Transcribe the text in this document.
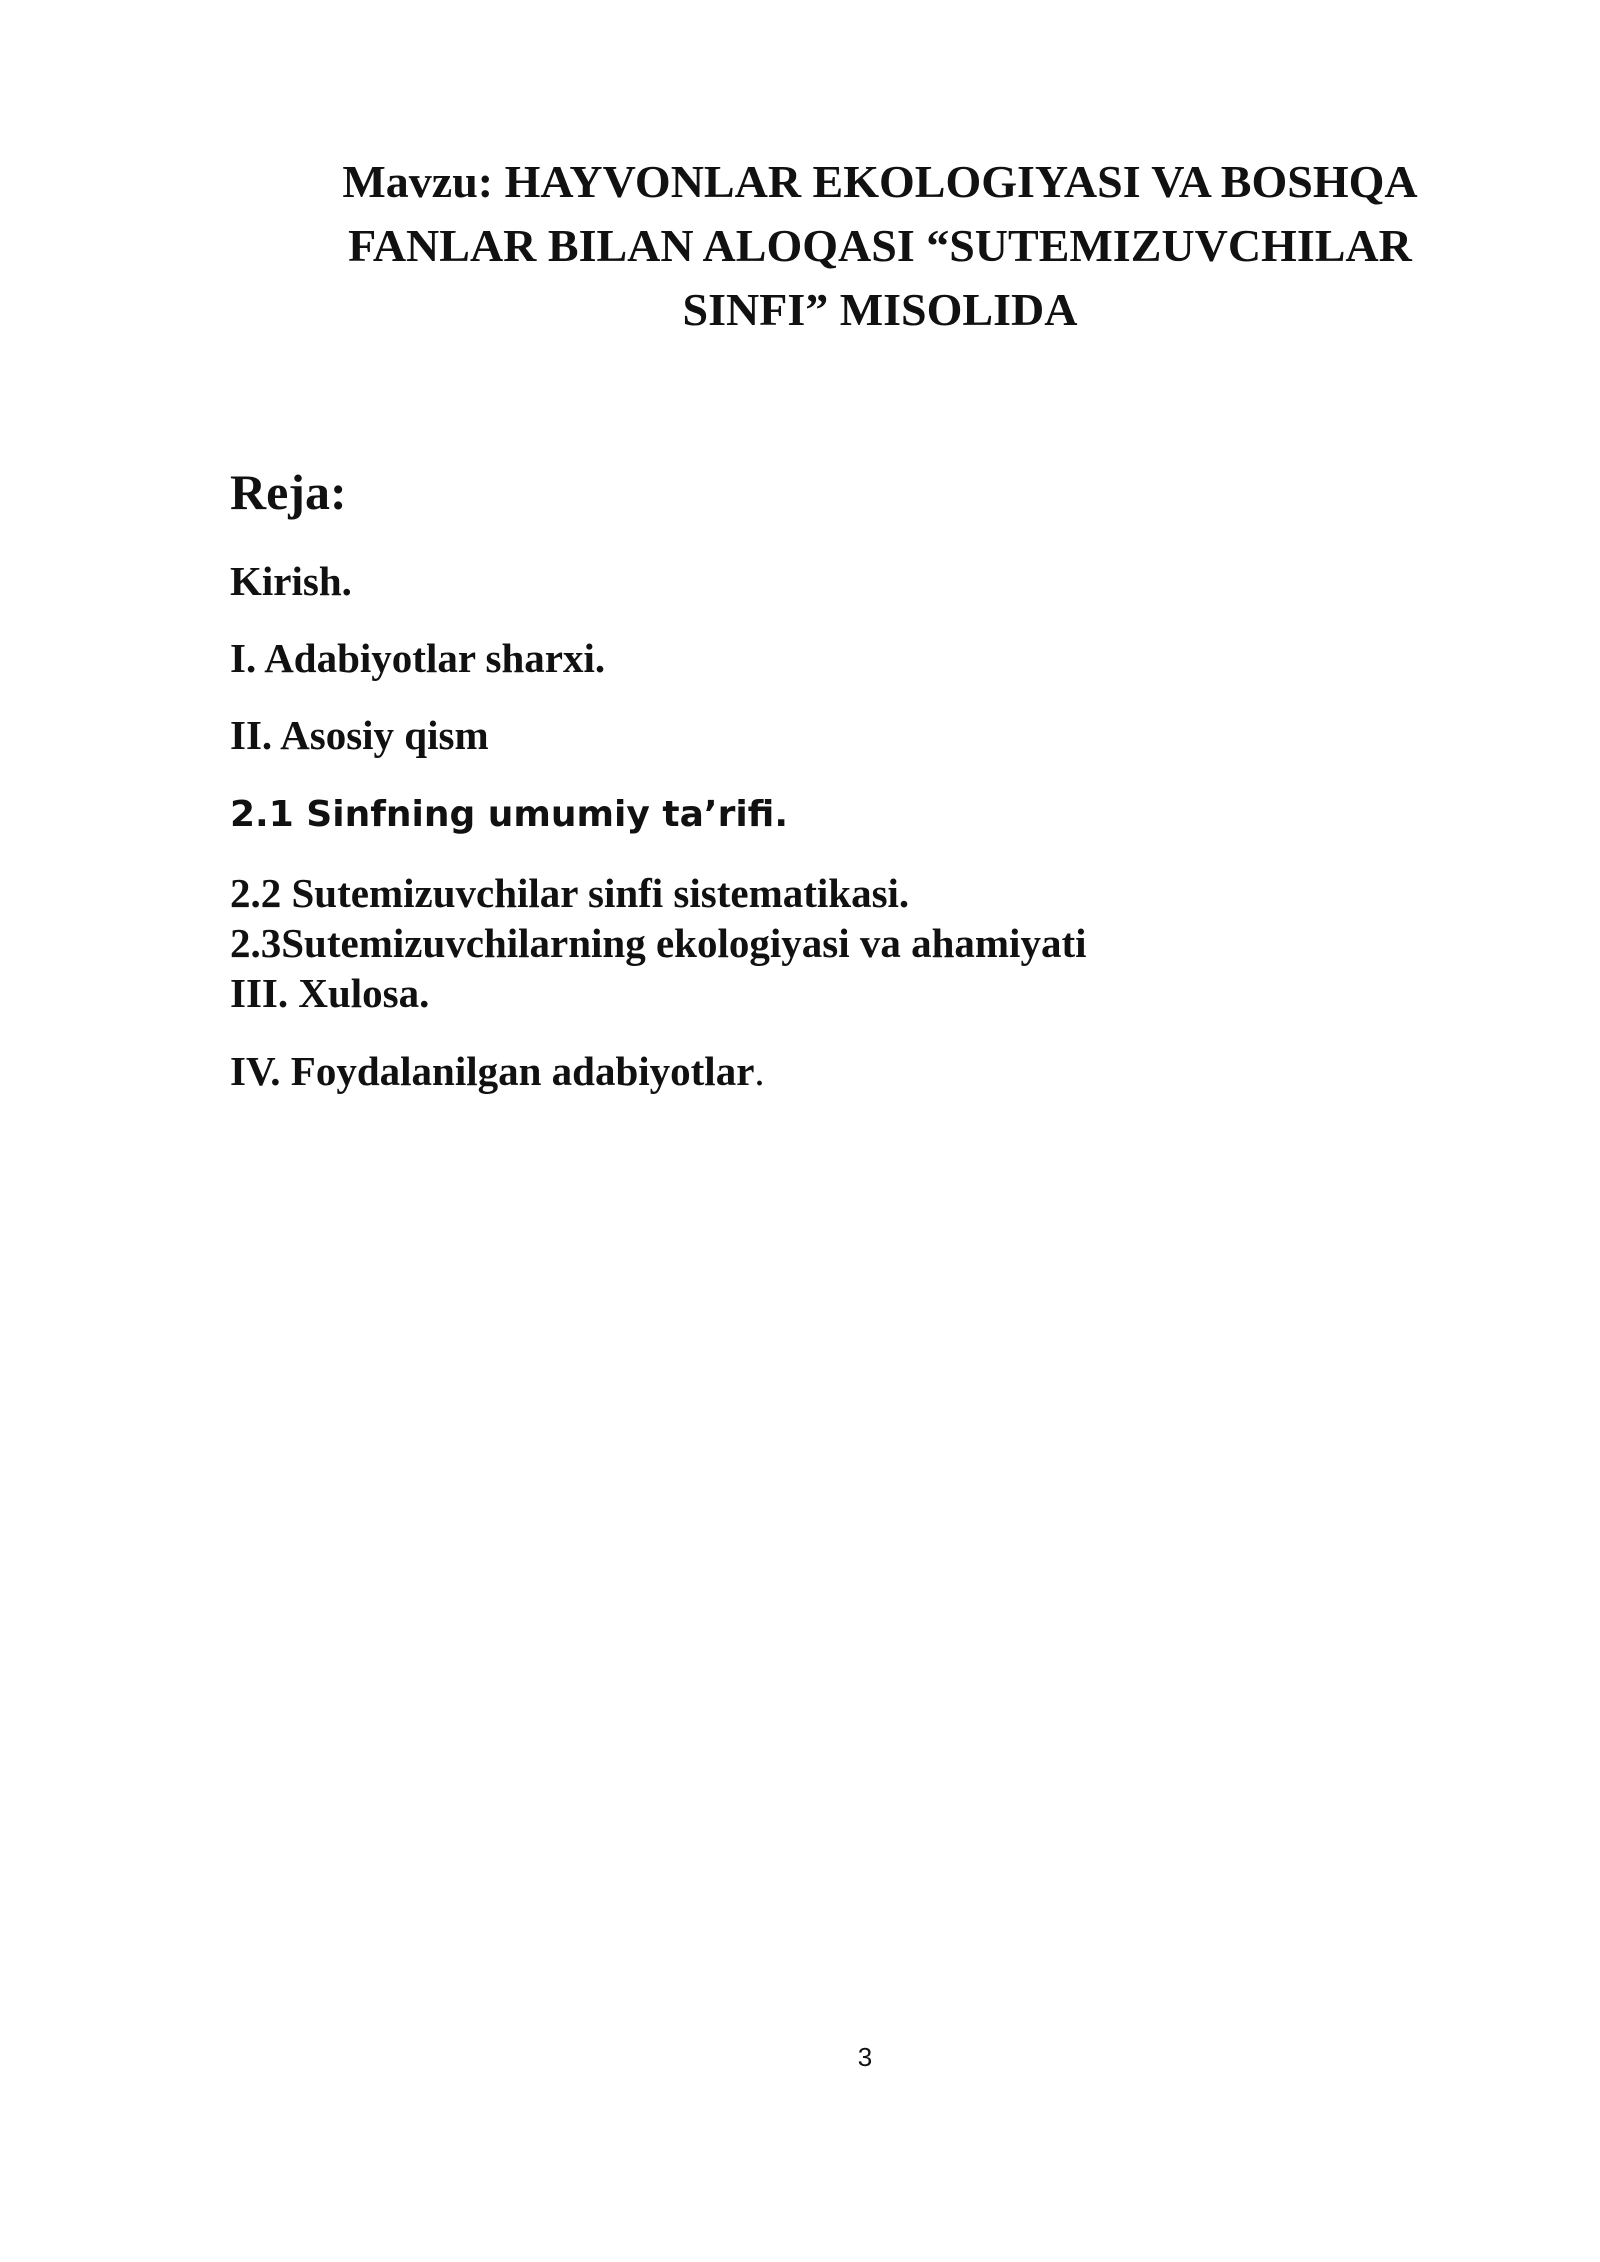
Mavzu: HAYVONLAR EKOLOGIYASI VA BOSHQA
FANLAR BILAN ALOQASI “SUTEMIZUVCHILAR
SINFI” MISOLIDA
Reja:
Kirish.
I. Adabiyotlar sharxi.
II. Asosiy qism
2.1 Sinfning umumiy ta’rifi.
2.2 Sutemizuvchilar sinfi sistematikasi.
2.3Sutemizuvchilarning ekologiyasi va ahamiyati
III. Xulosa.
IV. Foydalanilgan adabiyotlar.
3
